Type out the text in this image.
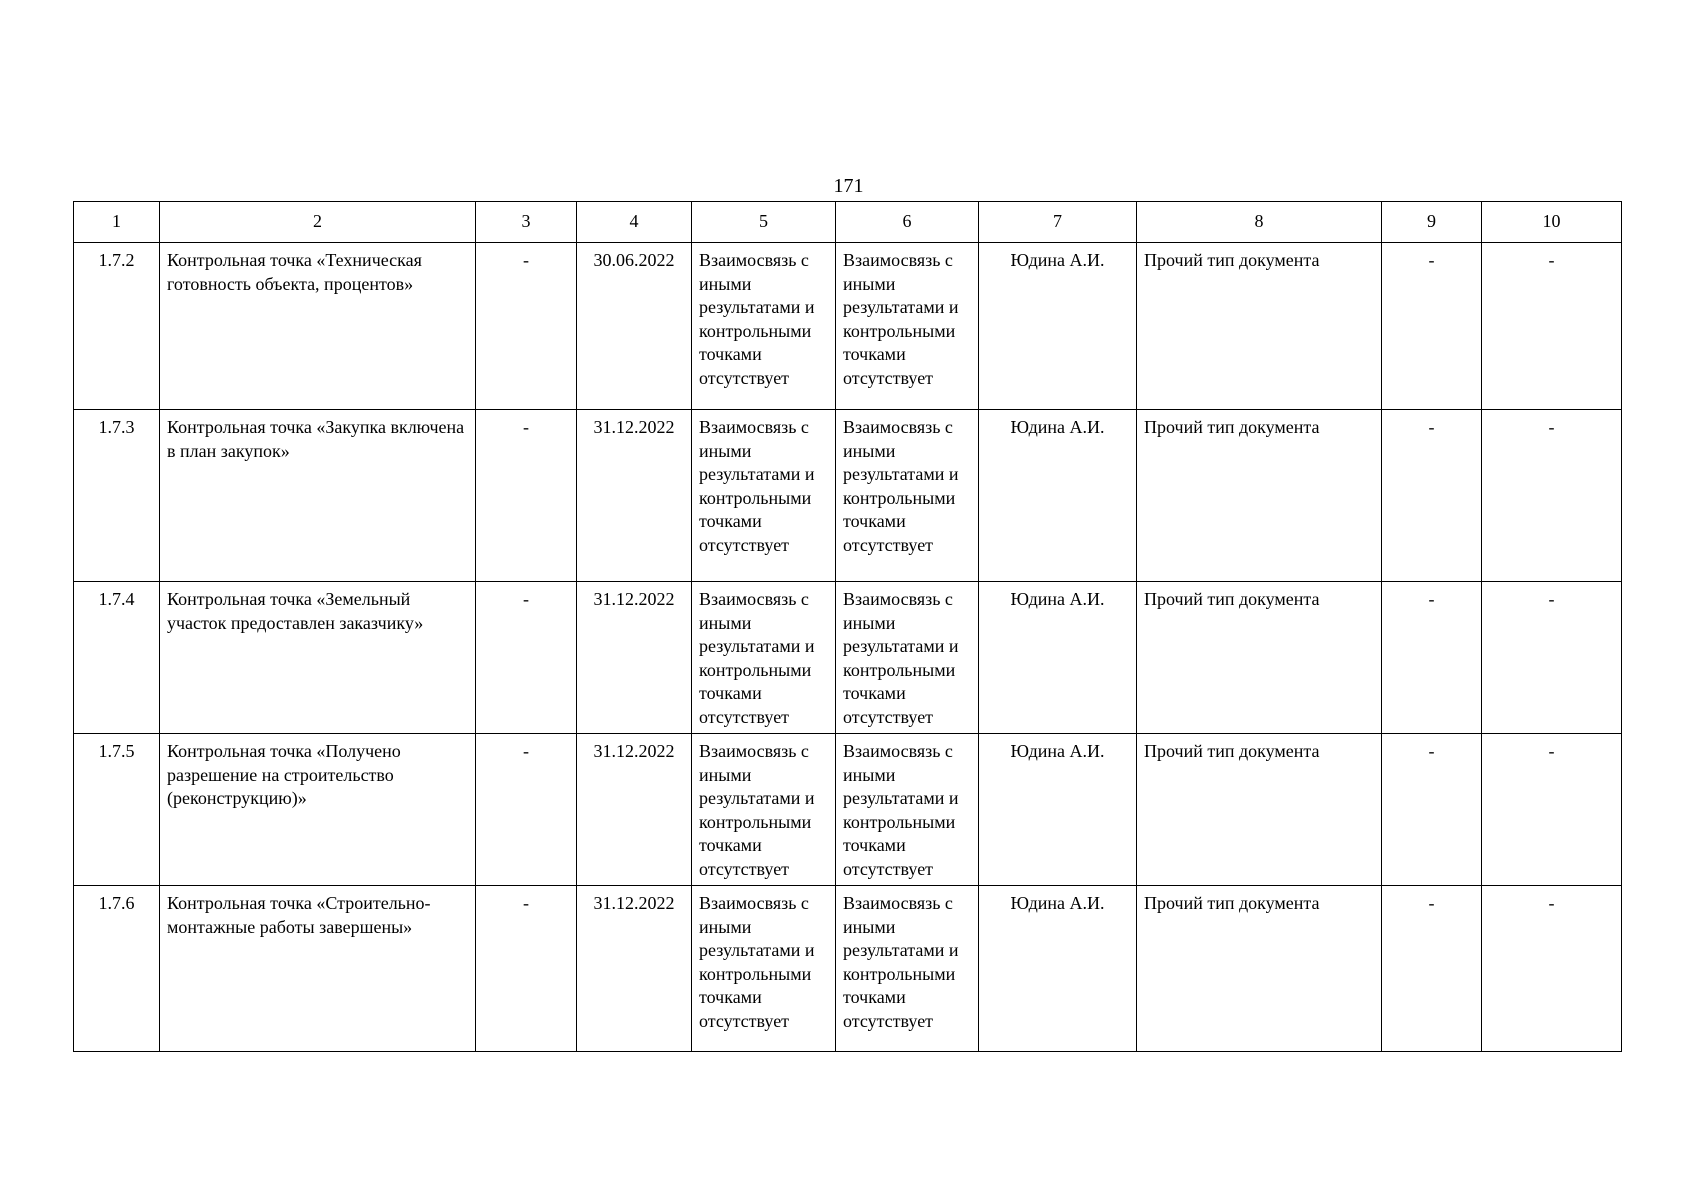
171
1	2	3	4	5	6	7	8	9	10
1.7.2	Контрольная точка «Техническая готовность объекта, процентов»	-	30.06.2022	Взаимосвязь с иными результатами и контрольными точками отсутствует	Взаимосвязь с иными результатами и контрольными точками отсутствует	Юдина А.И.	Прочий тип документа	-	-
1.7.3	Контрольная точка «Закупка включена в план закупок»	-	31.12.2022	Взаимосвязь с иными результатами и контрольными точками отсутствует	Взаимосвязь с иными результатами и контрольными точками отсутствует	Юдина А.И.	Прочий тип документа	-	-
1.7.4	Контрольная точка «Земельный участок предоставлен заказчику»	-	31.12.2022	Взаимосвязь с иными результатами и контрольными точками отсутствует	Взаимосвязь с иными результатами и контрольными точками отсутствует	Юдина А.И.	Прочий тип документа	-	-
1.7.5	Контрольная точка «Получено разрешение на строительство (реконструкцию)»	-	31.12.2022	Взаимосвязь с иными результатами и контрольными точками отсутствует	Взаимосвязь с иными результатами и контрольными точками отсутствует	Юдина А.И.	Прочий тип документа	-	-
1.7.6	Контрольная точка «Строительно-монтажные работы завершены»	-	31.12.2022	Взаимосвязь с иными результатами и контрольными точками отсутствует	Взаимосвязь с иными результатами и контрольными точками отсутствует	Юдина А.И.	Прочий тип документа	-	-
